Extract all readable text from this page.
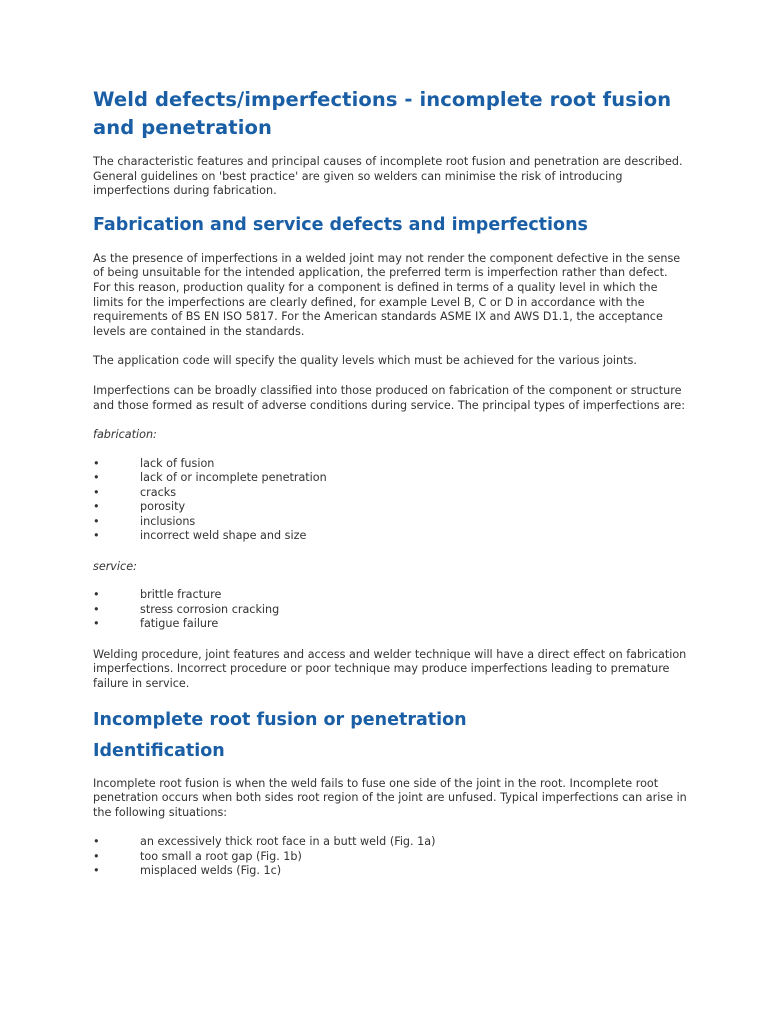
Weld defects/imperfections - incomplete root fusion and penetration

The characteristic features and principal causes of incomplete root fusion and penetration are described. General guidelines on 'best practice' are given so welders can minimise the risk of introducing imperfections during fabrication.

Fabrication and service defects and imperfections

As the presence of imperfections in a welded joint may not render the component defective in the sense of being unsuitable for the intended application, the preferred term is imperfection rather than defect. For this reason, production quality for a component is defined in terms of a quality level in which the limits for the imperfections are clearly defined, for example Level B, C or D in accordance with the requirements of BS EN ISO 5817. For the American standards ASME IX and AWS D1.1, the acceptance levels are contained in the standards.

The application code will specify the quality levels which must be achieved for the various joints.

Imperfections can be broadly classified into those produced on fabrication of the component or structure and those formed as result of adverse conditions during service. The principal types of imperfections are:

fabrication:

•	lack of fusion
•	lack of or incomplete penetration
•	cracks
•	porosity
•	inclusions
•	incorrect weld shape and size

service:

•	brittle fracture
•	stress corrosion cracking
•	fatigue failure

Welding procedure, joint features and access and welder technique will have a direct effect on fabrication imperfections. Incorrect procedure or poor technique may produce imperfections leading to premature failure in service.

Incomplete root fusion or penetration
Identification

Incomplete root fusion is when the weld fails to fuse one side of the joint in the root. Incomplete root penetration occurs when both sides root region of the joint are unfused. Typical imperfections can arise in the following situations:

•	an excessively thick root face in a butt weld (Fig. 1a)
•	too small a root gap (Fig. 1b)
•	misplaced welds (Fig. 1c)
